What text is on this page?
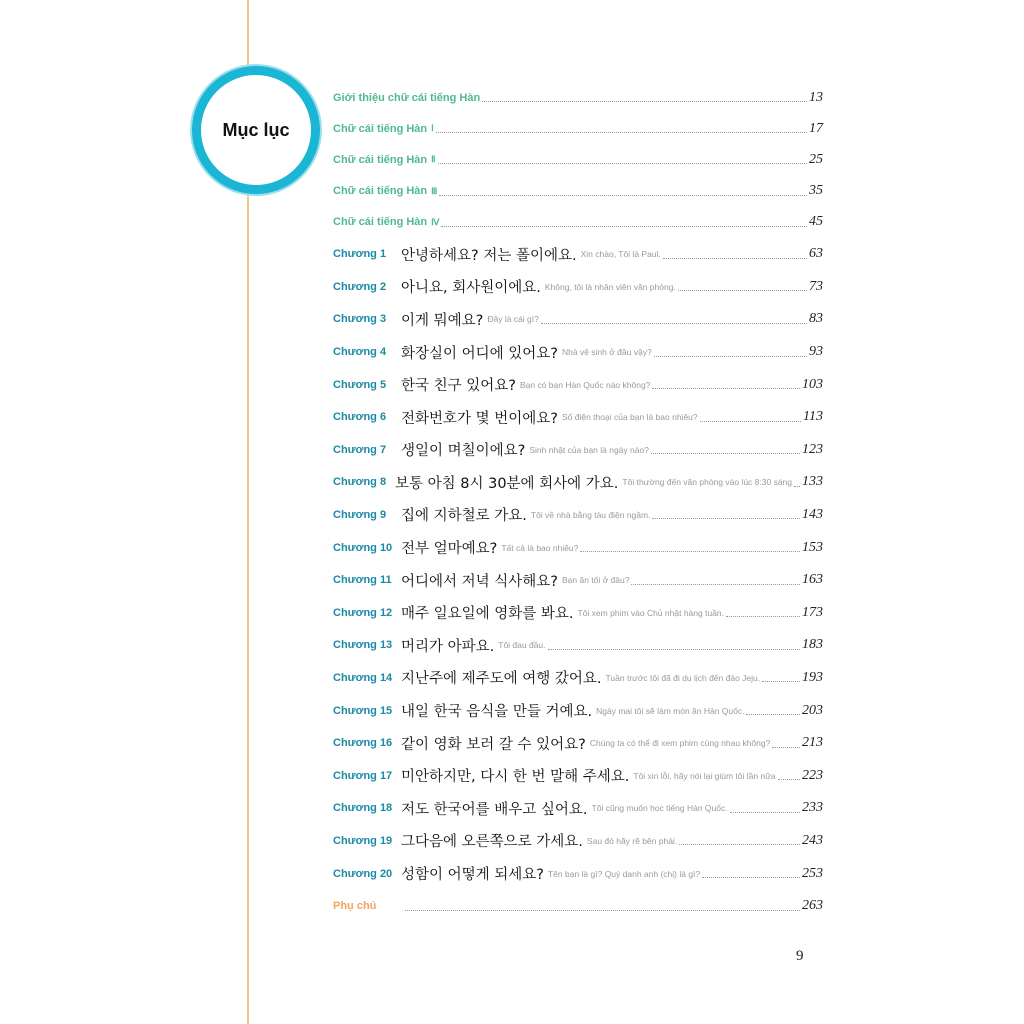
Mục lục
Giới thiệu chữ cái tiếng Hàn	13
Chữ cái tiếng Hàn Ⅰ	17
Chữ cái tiếng Hàn Ⅱ	25
Chữ cái tiếng Hàn Ⅲ	35
Chữ cái tiếng Hàn Ⅳ	45
Chương 1	안녕하세요? 저는 폴이에요. Xin chào, Tôi là Paul.	63
Chương 2	아니요, 회사원이에요. Không, tôi là nhân viên văn phòng.	73
Chương 3	이게 뭐예요? Đây là cái gì?	83
Chương 4	화장실이 어디에 있어요? Nhà vệ sinh ở đâu vậy?	93
Chương 5	한국 친구 있어요? Bạn có bạn Hàn Quốc nào không?	103
Chương 6	전화번호가 몇 번이에요? Số điện thoại của bạn là bao nhiêu?	113
Chương 7	생일이 며칠이에요? Sinh nhật của bạn là ngày nào?	123
Chương 8 보통 아침 8시 30분에 회사에 가요. Tôi thường đến văn phòng vào lúc 8:30 sáng 133
Chương 9	집에 지하철로 가요. Tôi về nhà bằng tàu điện ngầm.	143
Chương 10 전부 얼마예요? Tất cả là bao nhiêu?	153
Chương 11 어디에서 저녁 식사해요? Bạn ăn tối ở đâu?	163
Chương 12 매주 일요일에 영화를 봐요. Tôi xem phim vào Chủ nhật hàng tuần.	173
Chương 13 머리가 아파요. Tôi đau đầu.	183
Chương 14 지난주에 제주도에 여행 갔어요. Tuần trước tôi đã đi du lịch đến đảo Jeju.	193
Chương 15 내일 한국 음식을 만들 거예요. Ngày mai tôi sẽ làm món ăn Hàn Quốc.	203
Chương 16 같이 영화 보러 갈 수 있어요? Chúng ta có thể đi xem phim cùng nhau không? 213
Chương 17 미안하지만, 다시 한 번 말해 주세요. Tôi xin lỗi, hãy nói lại giùm tôi lần nữa 223
Chương 18 저도 한국어를 배우고 싶어요. Tôi cũng muốn học tiếng Hàn Quốc.	233
Chương 19 그다음에 오른쪽으로 가세요. Sau đó hãy rẽ bên phải.	243
Chương 20 성함이 어떻게 되세요? Tên bạn là gì? Quý danh anh (chị) là gì?	253
Phụ chú	263
9
